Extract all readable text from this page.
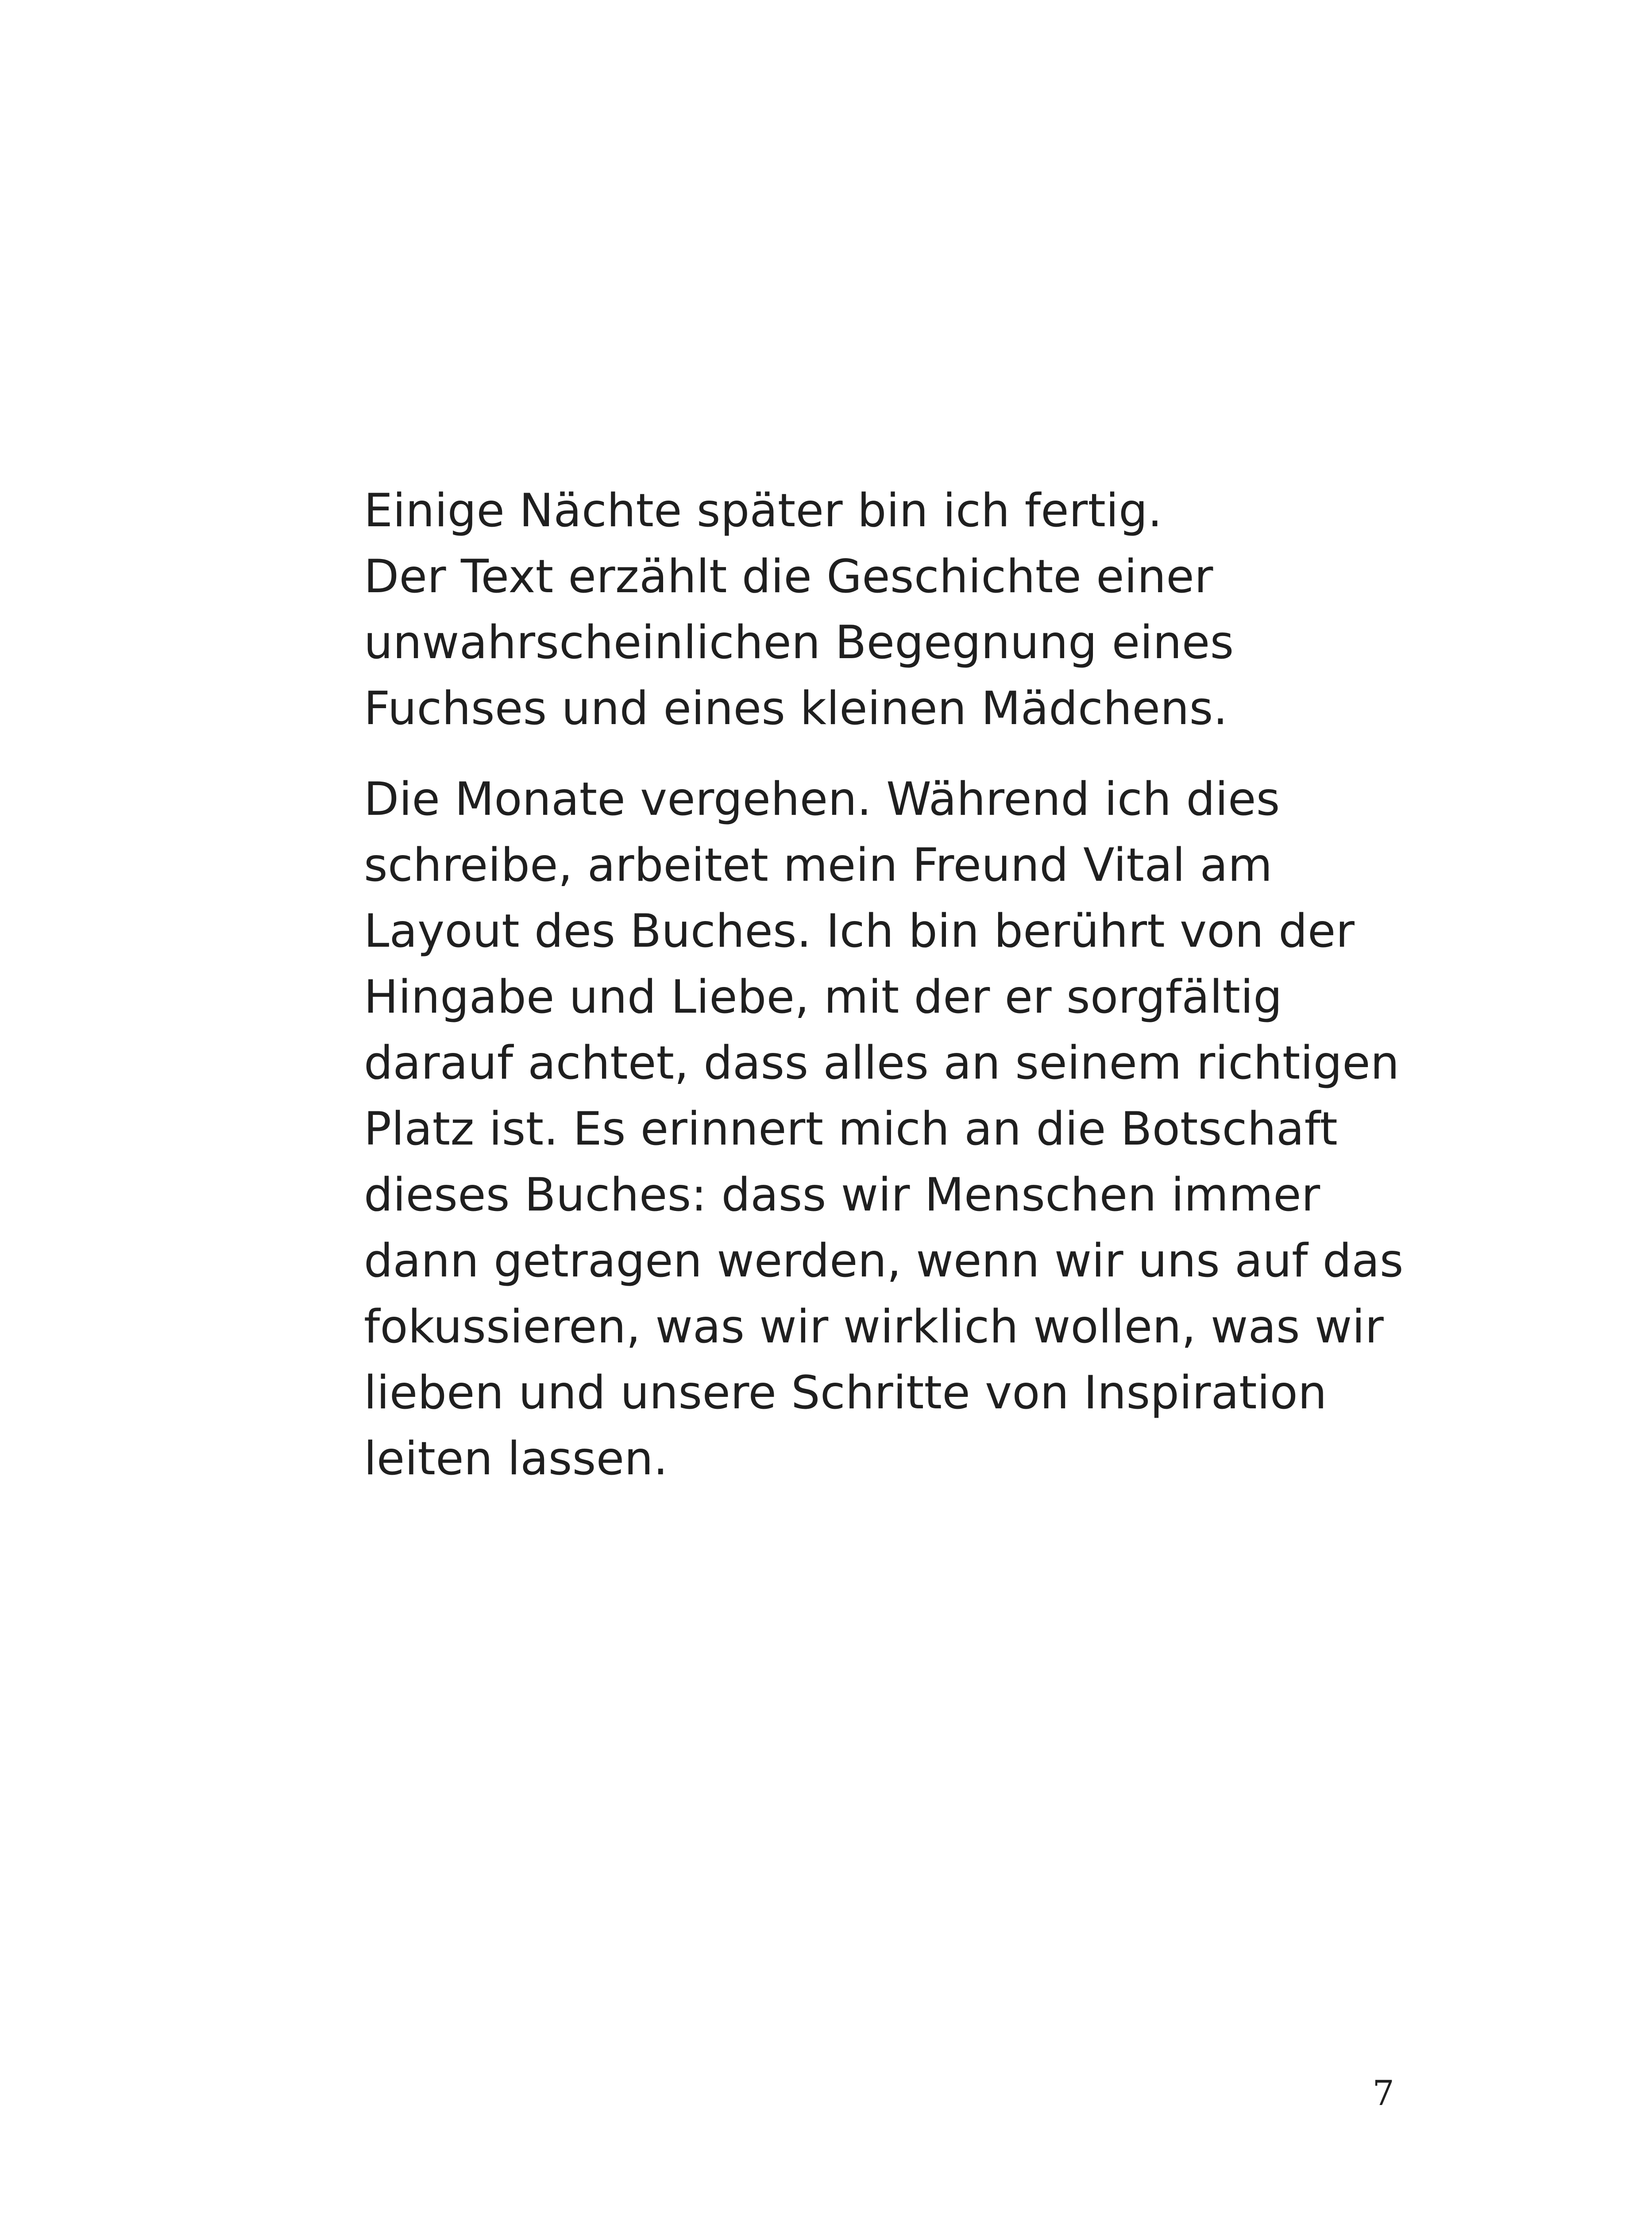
Einige Nächte später bin ich fertig.
Der Text erzählt die Geschichte einer
unwahrscheinlichen Begegnung eines
Fuchses und eines kleinen Mädchens.

Die Monate vergehen. Während ich dies
schreibe, arbeitet mein Freund Vital am
Layout des Buches. Ich bin berührt von der
Hingabe und Liebe, mit der er sorgfältig
darauf achtet, dass alles an seinem richtigen
Platz ist. Es erinnert mich an die Botschaft
dieses Buches: dass wir Menschen immer
dann getragen werden, wenn wir uns auf das
fokussieren, was wir wirklich wollen, was wir
lieben und unsere Schritte von Inspiration
leiten lassen.

7
